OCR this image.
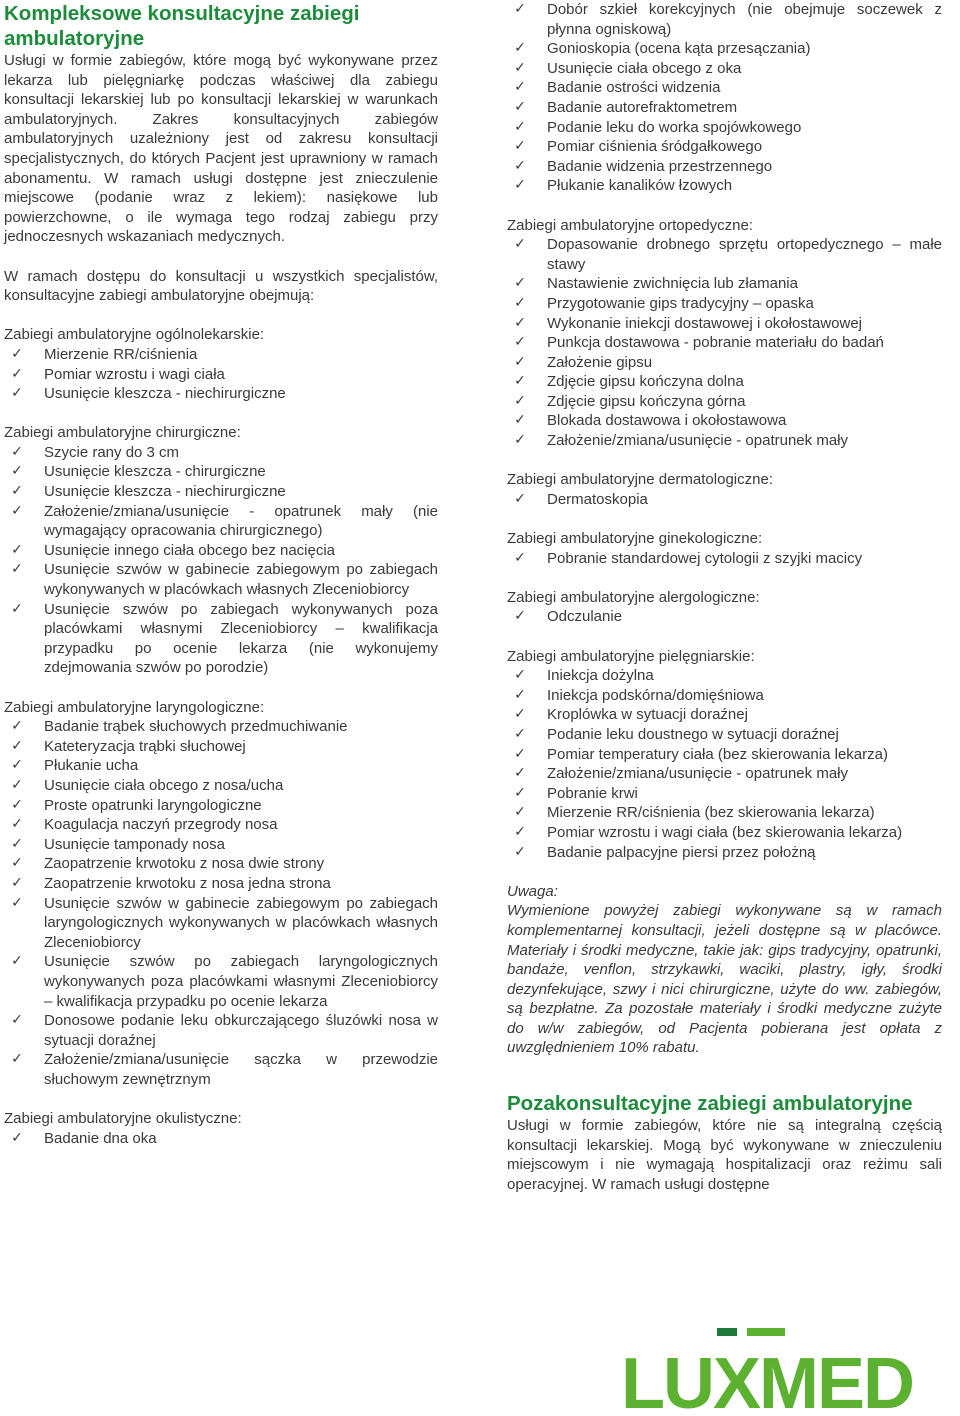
Kompleksowe konsultacyjne zabiegi ambulatoryjne

Usługi w formie zabiegów, które mogą być wykonywane przez lekarza lub pielęgniarkę podczas właściwej dla zabiegu konsultacji lekarskiej lub po konsultacji lekarskiej w warunkach ambulatoryjnych. Zakres konsultacyjnych zabiegów ambulatoryjnych uzależniony jest od zakresu konsultacji specjalistycznych, do których Pacjent jest uprawniony w ramach abonamentu. W ramach usługi dostępne jest znieczulenie miejscowe (podanie wraz z lekiem): nasiękowe lub powierzchowne, o ile wymaga tego rodzaj zabiegu przy jednoczesnych wskazaniach medycznych.

W ramach dostępu do konsultacji u wszystkich specjalistów, konsultacyjne zabiegi ambulatoryjne obejmują:

Zabiegi ambulatoryjne ogólnolekarskie:

✓ Mierzenie RR/ciśnienia
✓ Pomiar wzrostu i wagi ciała
✓ Usunięcie kleszcza - niechirurgiczne

Zabiegi ambulatoryjne chirurgiczne:

✓ Szycie rany do 3 cm
✓ Usunięcie kleszcza - chirurgiczne
✓ Usunięcie kleszcza - niechirurgiczne
✓ Założenie/zmiana/usunięcie - opatrunek mały (nie wymagający opracowania chirurgicznego)
✓ Usunięcie innego ciała obcego bez nacięcia
✓ Usunięcie szwów w gabinecie zabiegowym po zabiegach wykonywanych w placówkach własnych Zleceniobiorcy
✓ Usunięcie szwów po zabiegach wykonywanych poza placówkami własnymi Zleceniobiorcy – kwalifikacja przypadku po ocenie lekarza (nie wykonujemy zdejmowania szwów po porodzie)

Zabiegi ambulatoryjne laryngologiczne:

✓ Badanie trąbek słuchowych przedmuchiwanie
✓ Kateteryzacja trąbki słuchowej
✓ Płukanie ucha
✓ Usunięcie ciała obcego z nosa/ucha
✓ Proste opatrunki laryngologiczne
✓ Koagulacja naczyń przegrody nosa
✓ Usunięcie tamponady nosa
✓ Zaopatrzenie krwotoku z nosa dwie strony
✓ Zaopatrzenie krwotoku z nosa jedna strona
✓ Usunięcie szwów w gabinecie zabiegowym po zabiegach laryngologicznych wykonywanych w placówkach własnych Zleceniobiorcy
✓ Usunięcie szwów po zabiegach laryngologicznych wykonywanych poza placówkami własnymi Zleceniobiorcy – kwalifikacja przypadku po ocenie lekarza
✓ Donosowe podanie leku obkurczającego śluzówki nosa w sytuacji doraźnej
✓ Założenie/zmiana/usunięcie sączka w przewodzie słuchowym zewnętrznym

Zabiegi ambulatoryjne okulistyczne:

✓ Badanie dna oka
✓ Dobór szkieł korekcyjnych (nie obejmuje soczewek z płynna ogniskową)
✓ Gonioskopia (ocena kąta przesączania)
✓ Usunięcie ciała obcego z oka
✓ Badanie ostrości widzenia
✓ Badanie autorefraktometrem
✓ Podanie leku do worka spojówkowego
✓ Pomiar ciśnienia śródgałkowego
✓ Badanie widzenia przestrzennego
✓ Płukanie kanalików łzowych

Zabiegi ambulatoryjne ortopedyczne:

✓ Dopasowanie drobnego sprzętu ortopedycznego – małe stawy
✓ Nastawienie zwichnięcia lub złamania
✓ Przygotowanie gips tradycyjny – opaska
✓ Wykonanie iniekcji dostawowej i okołostawowej
✓ Punkcja dostawowa - pobranie materiału do badań
✓ Założenie gipsu
✓ Zdjęcie gipsu kończyna dolna
✓ Zdjęcie gipsu kończyna górna
✓ Blokada dostawowa i okołostawowa
✓ Założenie/zmiana/usunięcie - opatrunek mały

Zabiegi ambulatoryjne dermatologiczne:

✓ Dermatoskopia

Zabiegi ambulatoryjne ginekologiczne:

✓ Pobranie standardowej cytologii z szyjki macicy

Zabiegi ambulatoryjne alergologiczne:

✓ Odczulanie

Zabiegi ambulatoryjne pielęgniarskie:

✓ Iniekcja dożylna
✓ Iniekcja podskórna/domięśniowa
✓ Kroplówka w sytuacji doraźnej
✓ Podanie leku doustnego w sytuacji doraźnej
✓ Pomiar temperatury ciała (bez skierowania lekarza)
✓ Założenie/zmiana/usunięcie - opatrunek mały
✓ Pobranie krwi
✓ Mierzenie RR/ciśnienia (bez skierowania lekarza)
✓ Pomiar wzrostu i wagi ciała (bez skierowania lekarza)
✓ Badanie palpacyjne piersi przez położną

Uwaga:

Wymienione powyżej zabiegi wykonywane są w ramach komplementarnej konsultacji, jeżeli dostępne są w placówce. Materiały i środki medyczne, takie jak: gips tradycyjny, opatrunki, bandaże, venflon, strzykawki, waciki, plastry, igły, środki dezynfekujące, szwy i nici chirurgiczne, użyte do ww. zabiegów, są bezpłatne. Za pozostałe materiały i środki medyczne zużyte do w/w zabiegów, od Pacjenta pobierana jest opłata z uwzględnieniem 10% rabatu.

Pozakonsultacyjne zabiegi ambulatoryjne

Usługi w formie zabiegów, które nie są integralną częścią konsultacji lekarskiej. Mogą być wykonywane w znieczuleniu miejscowym i nie wymagają hospitalizacji oraz reżimu sali operacyjnej. W ramach usługi dostępne

LUXMED
